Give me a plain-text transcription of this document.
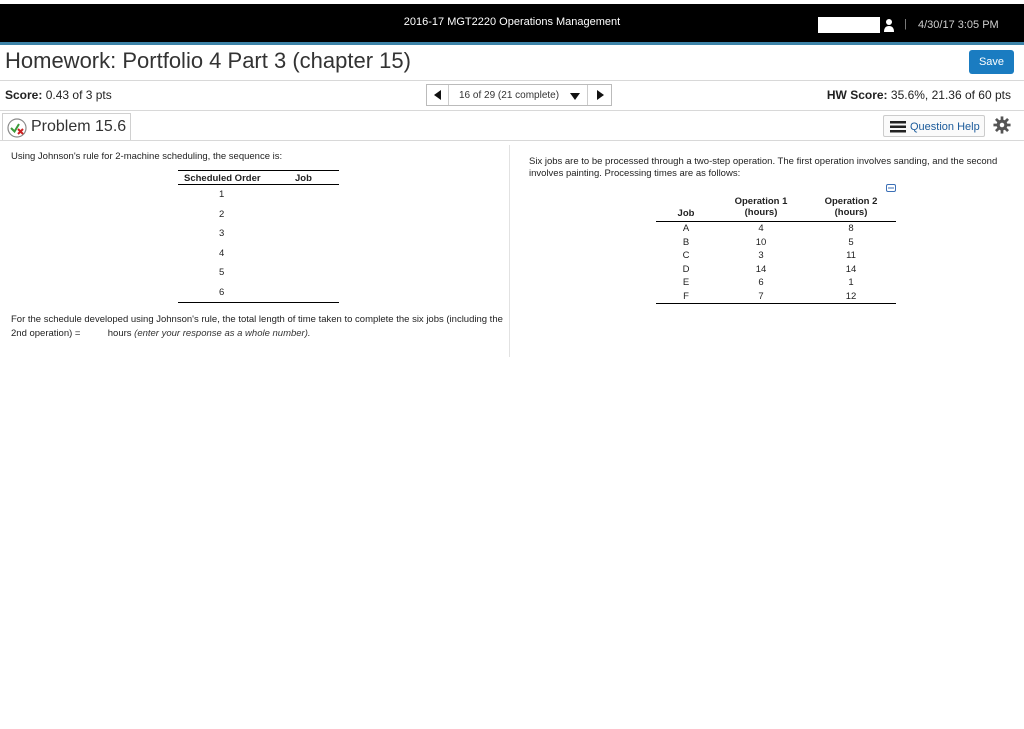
2016-17 MGT2220 Operations Management	| 4/30/17 3:05 PM
Homework: Portfolio 4 Part 3 (chapter 15)	Save
Score: 0.43 of 3 pts	16 of 29 (21 complete)	HW Score: 35.6%, 21.36 of 60 pts
Problem 15.6	Question Help
Using Johnson's rule for 2-machine scheduling, the sequence is:
Scheduled Order	Job
1
2
3
4
5
6
For the schedule developed using Johnson's rule, the total length of time taken to complete the six jobs (including the 2nd operation) =	hours (enter your response as a whole number).
Six jobs are to be processed through a two-step operation. The first operation involves sanding, and the second involves painting. Processing times are as follows:
Job
Operation 1
(hours)
Operation 2
(hours)
A	4	8
B	10	5
C	3	11
D	14	14
E	6	1
F	7	12
